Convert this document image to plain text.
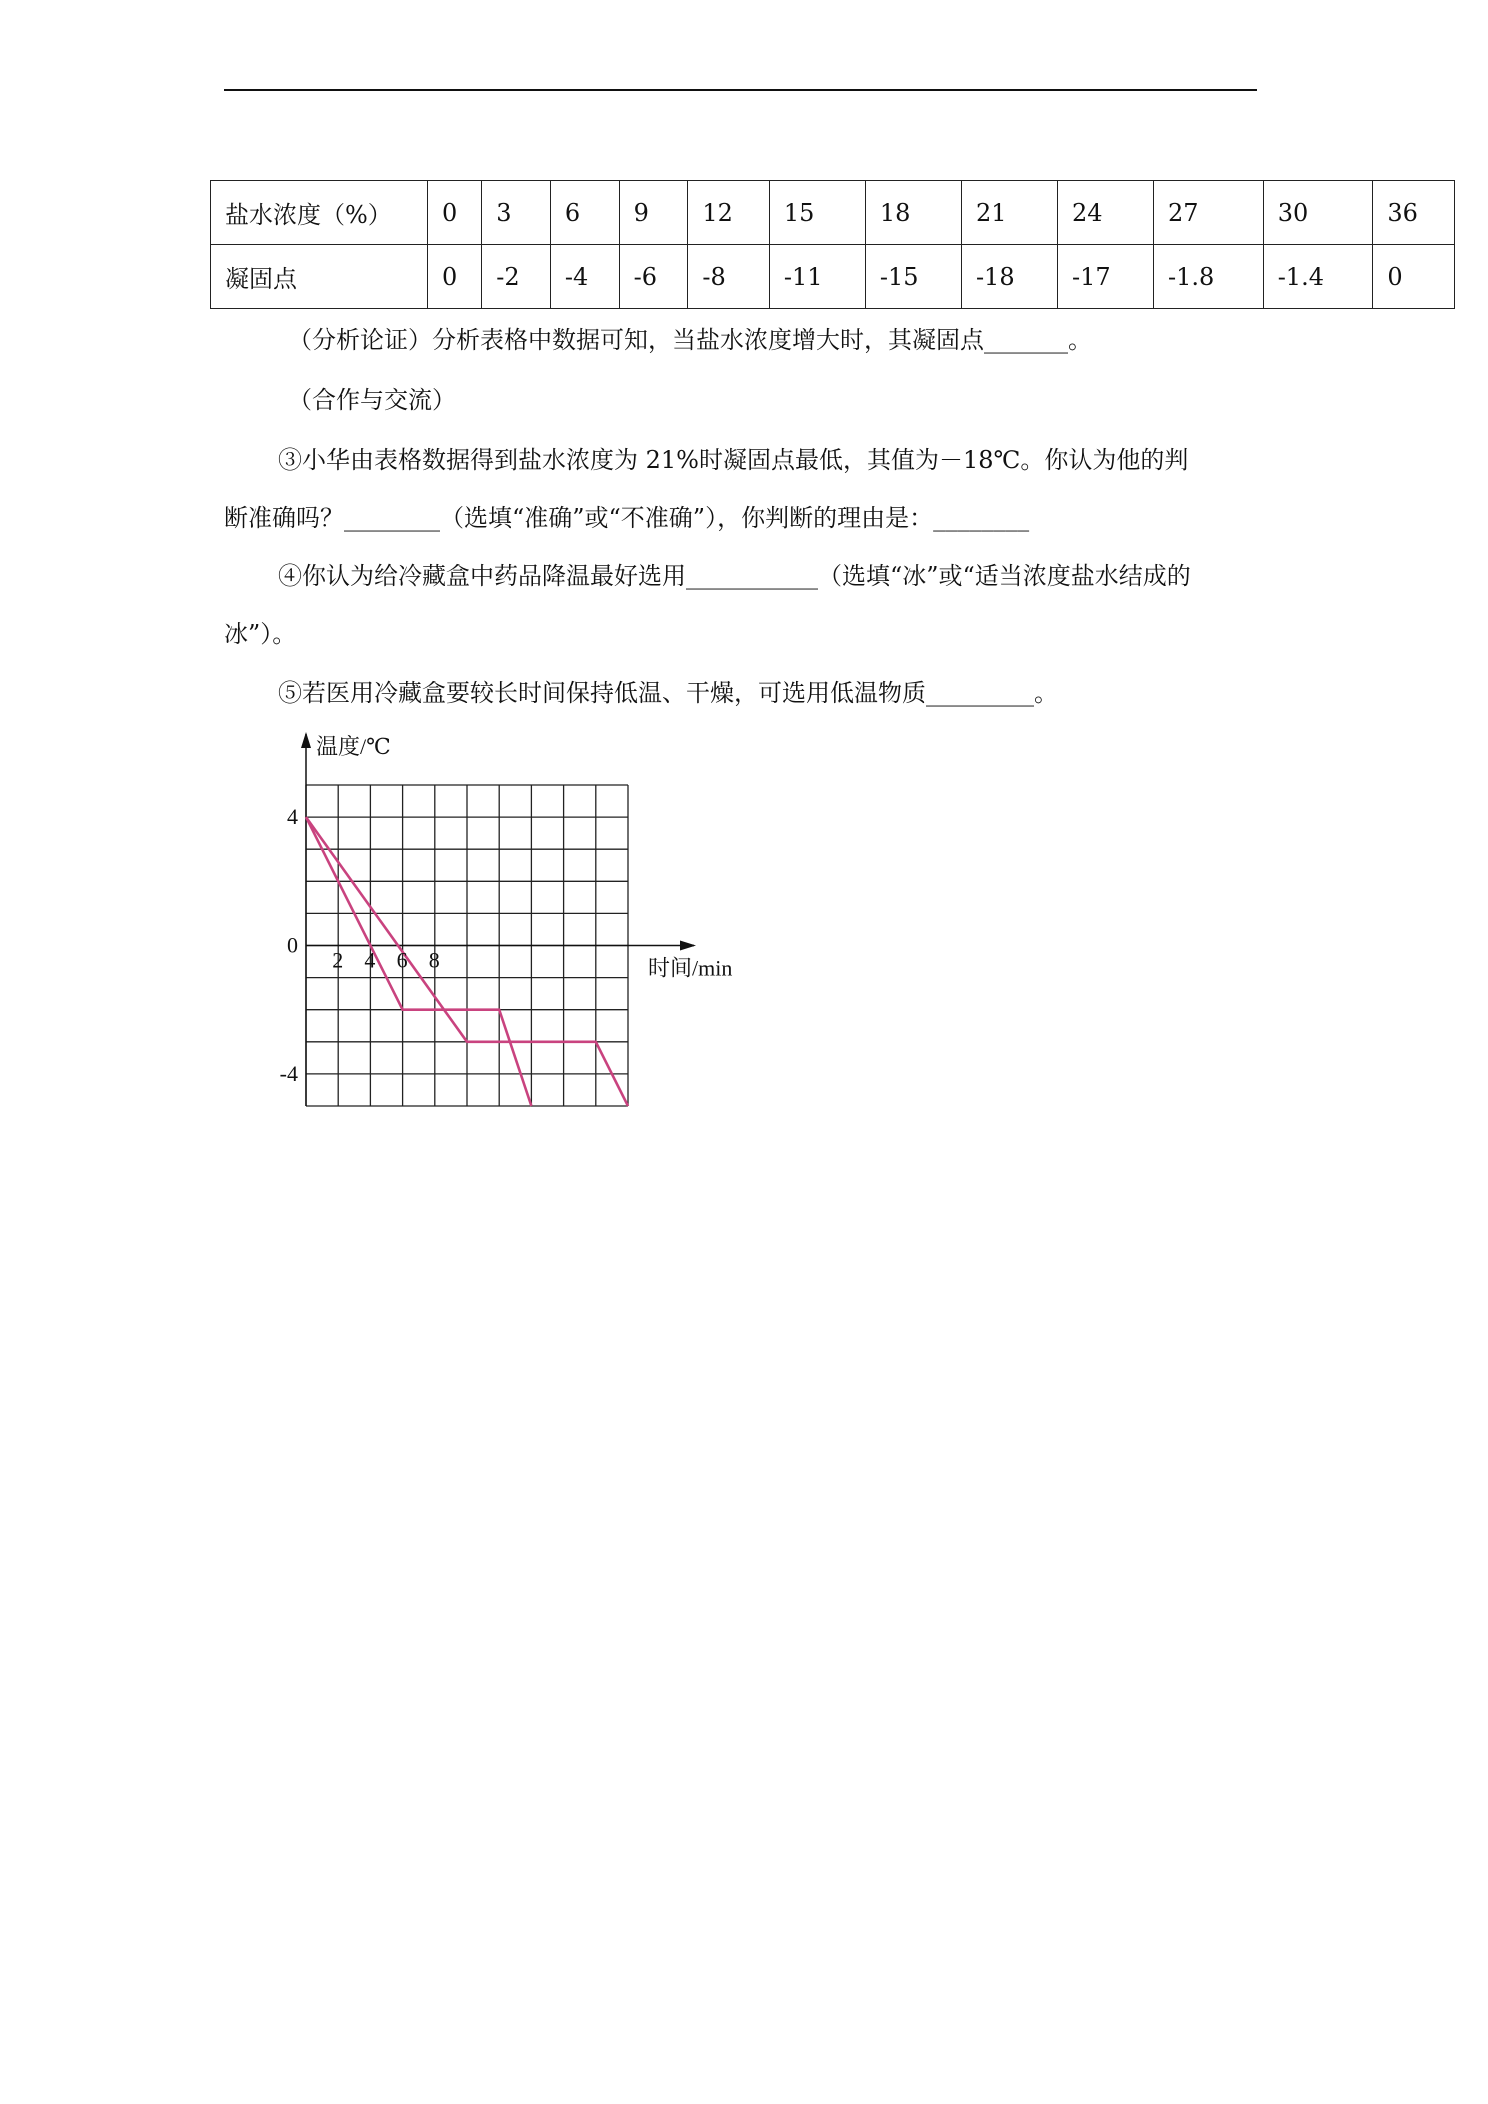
盐水浓度（%）	0	3	6	9	12	15	18	21	24	27	30	36
凝固点	0	-2	-4	-6	-8	-11	-15	-18	-17	-1.8	-1.4	0
（分析论证）分析表格中数据可知，当盐水浓度增大时，其凝固点_______。
（合作与交流）
③小华由表格数据得到盐水浓度为 21%时凝固点最低，其值为－18℃。你认为他的判
断准确吗？________（选填“准确”或“不准确”），你判断的理由是：________
④你认为给冷藏盒中药品降温最好选用___________（选填“冰”或“适当浓度盐水结成的
冰”）。
⑤若医用冷藏盒要较长时间保持低温、干燥，可选用低温物质_________。
2 4 6 8
4
0
-4
温度/℃
时间/min
